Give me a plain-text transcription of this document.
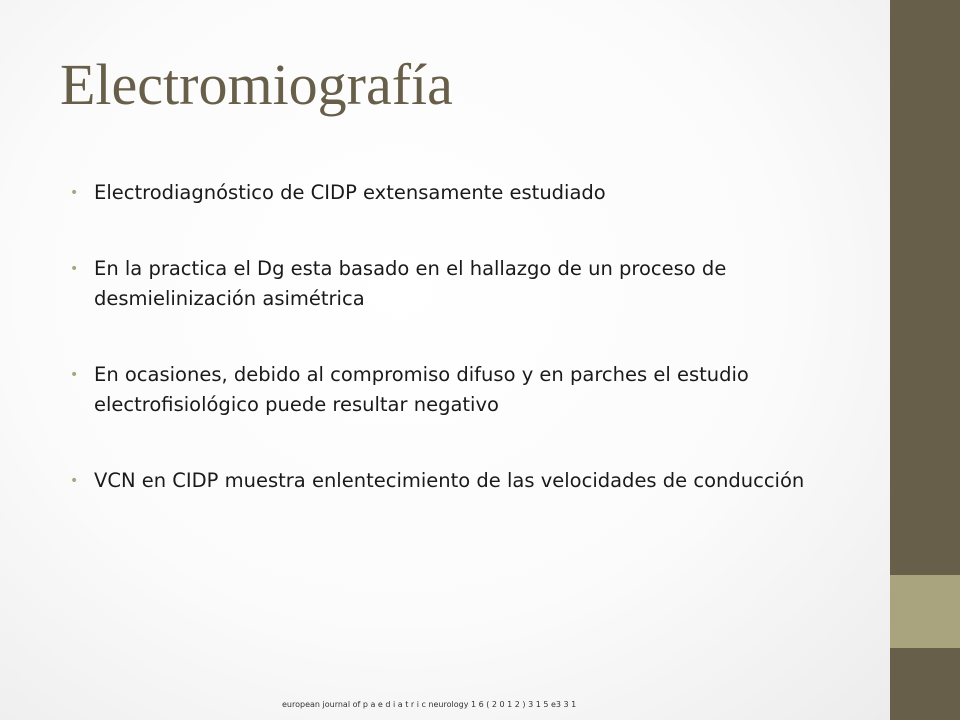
Electromiografía
• Electrodiagnóstico de CIDP extensamente estudiado
• En la practica el Dg esta basado en el hallazgo de un proceso de desmielinización asimétrica
• En ocasiones, debido al compromiso difuso y en parches el estudio electrofisiológico puede resultar negativo
• VCN en CIDP muestra enlentecimiento de las velocidades de conducción

european journal of p a e d i a t r i c neurology 1 6 ( 2 0 1 2 ) 3 1 5 e3 3 1
